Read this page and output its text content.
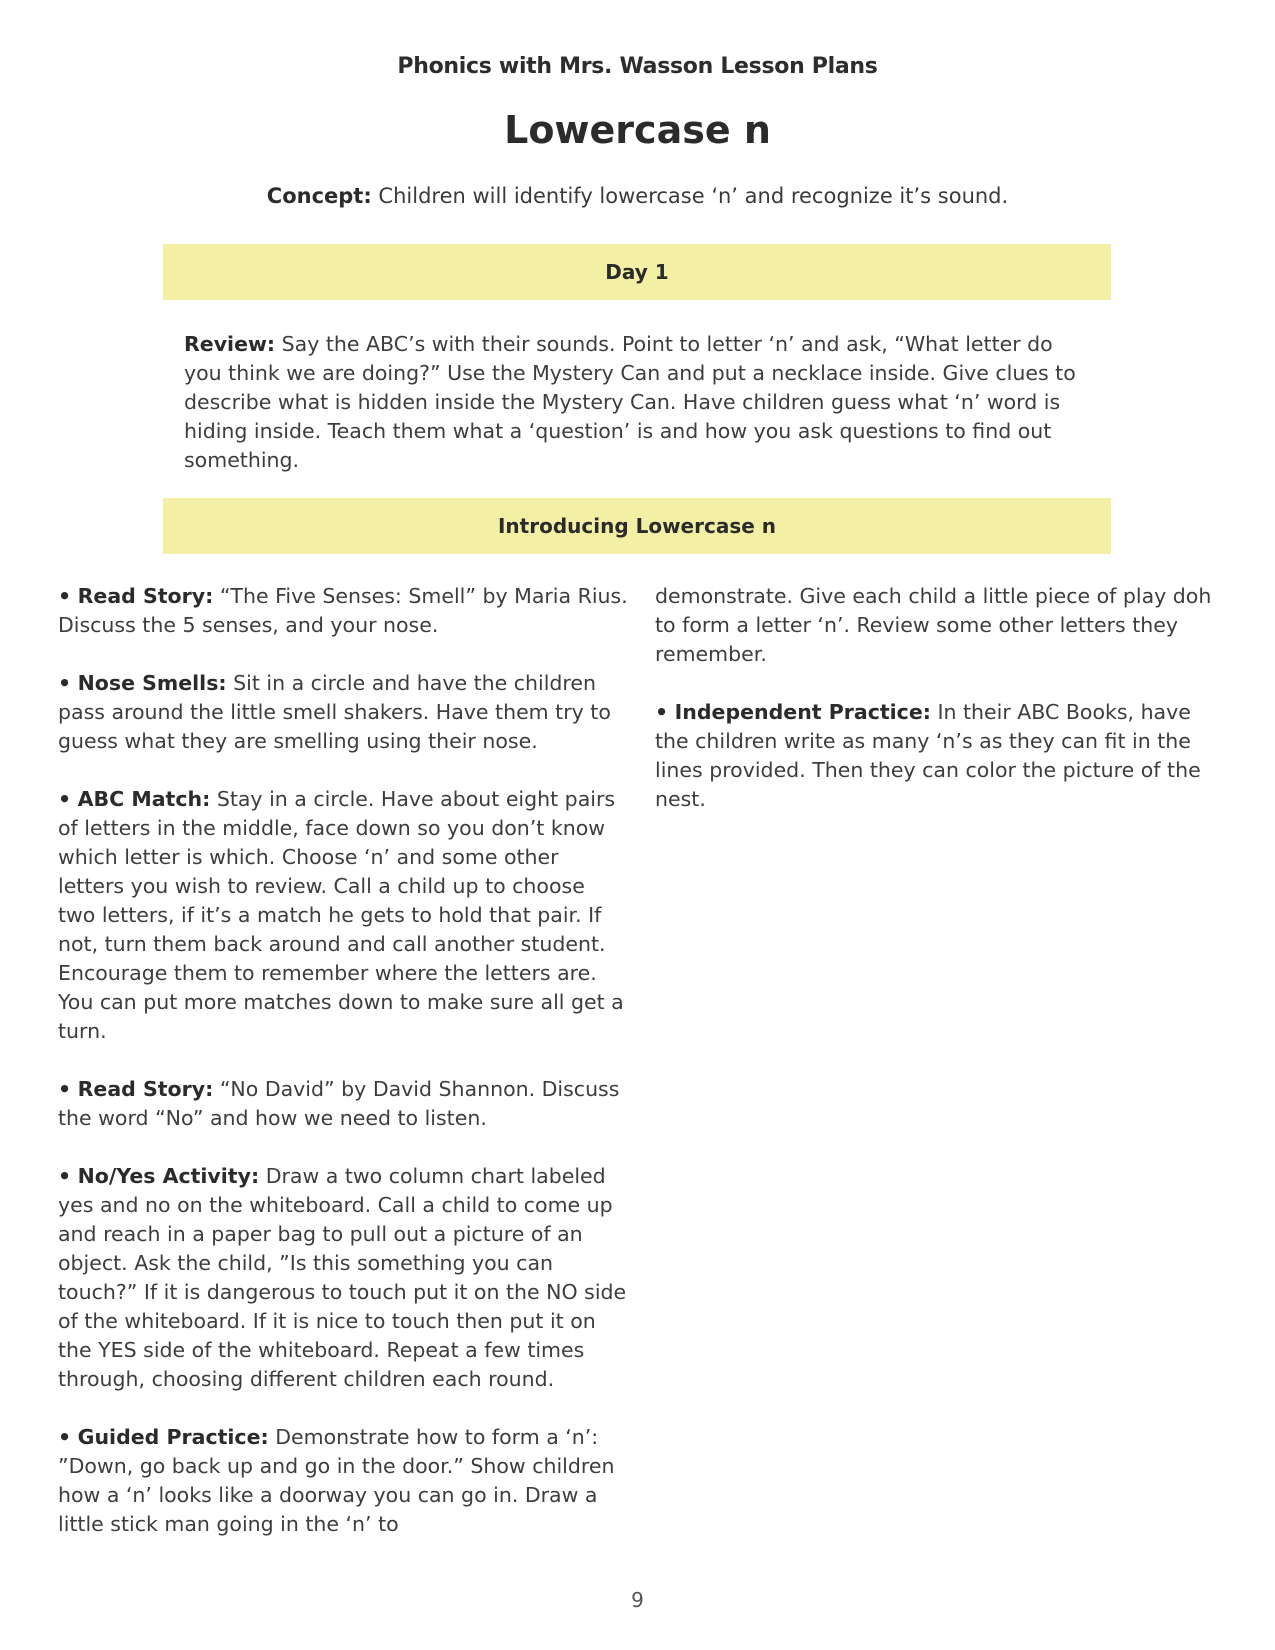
Phonics with Mrs. Wasson Lesson Plans
Lowercase n
Concept: Children will identify lowercase ‘n’ and recognize it’s sound.
Day 1
Review: Say the ABC’s with their sounds. Point to letter ‘n’ and ask, “What letter do you think we are doing?” Use the Mystery Can and put a necklace inside. Give clues to describe what is hidden inside the Mystery Can. Have children guess what ‘n’ word is hiding inside. Teach them what a ‘question’ is and how you ask questions to find out something.
Introducing Lowercase n

• Read Story: “The Five Senses: Smell” by Maria Rius. Discuss the 5 senses, and your nose.

• Nose Smells: Sit in a circle and have the children pass around the little smell shakers. Have them try to guess what they are smelling using their nose.

• ABC Match: Stay in a circle. Have about eight pairs of letters in the middle, face down so you don’t know which letter is which. Choose ‘n’ and some other letters you wish to review. Call a child up to choose two letters, if it’s a match he gets to hold that pair. If not, turn them back around and call another student. Encourage them to remember where the letters are. You can put more matches down to make sure all get a turn.

• Read Story: “No David” by David Shannon. Discuss the word “No” and how we need to listen.

• No/Yes Activity: Draw a two column chart labeled yes and no on the whiteboard. Call a child to come up and reach in a paper bag to pull out a picture of an object. Ask the child, ”Is this something you can touch?” If it is dangerous to touch put it on the NO side of the whiteboard. If it is nice to touch then put it on the YES side of the whiteboard. Repeat a few times through, choosing different children each round.

• Guided Practice: Demonstrate how to form a ‘n’: ”Down, go back up and go in the door.” Show children how a ‘n’ looks like a doorway you can go in. Draw a little stick man going in the ‘n’ to

demonstrate. Give each child a little piece of play doh to form a letter ‘n’. Review some other letters they remember.

• Independent Practice: In their ABC Books, have the children write as many ‘n’s as they can fit in the lines provided. Then they can color the picture of the nest.

9
